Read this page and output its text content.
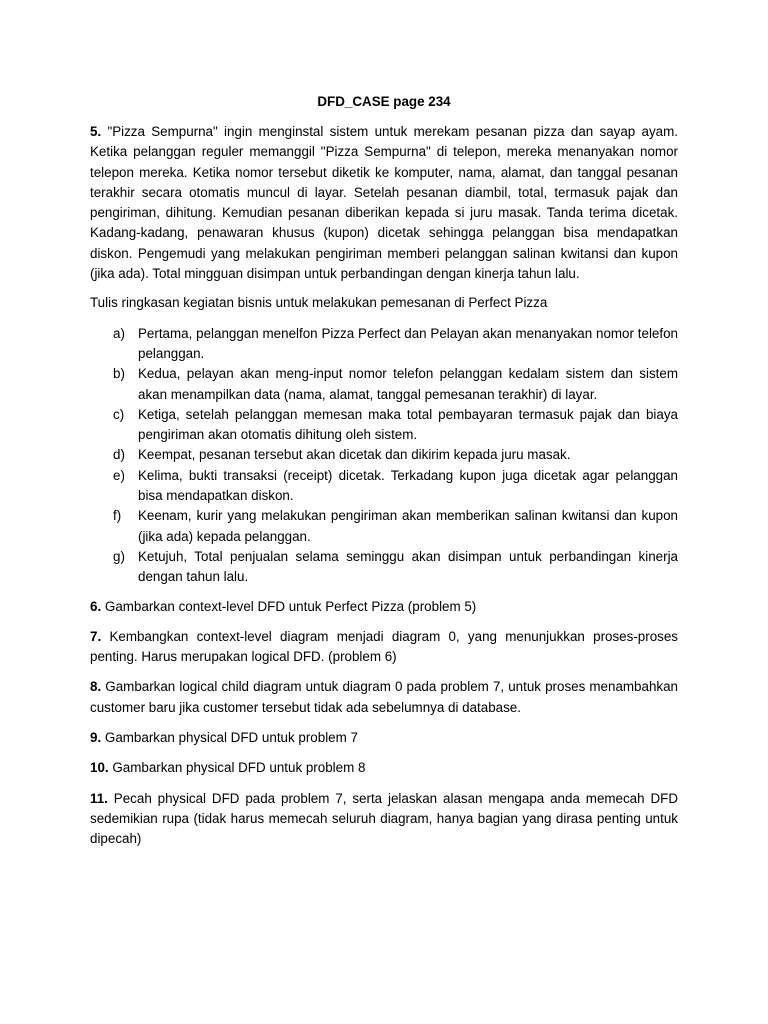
DFD_CASE page 234

5. "Pizza Sempurna" ingin menginstal sistem untuk merekam pesanan pizza dan sayap ayam. Ketika pelanggan reguler memanggil "Pizza Sempurna" di telepon, mereka menanyakan nomor telepon mereka. Ketika nomor tersebut diketik ke komputer, nama, alamat, dan tanggal pesanan terakhir secara otomatis muncul di layar. Setelah pesanan diambil, total, termasuk pajak dan pengiriman, dihitung. Kemudian pesanan diberikan kepada si juru masak. Tanda terima dicetak. Kadang-kadang, penawaran khusus (kupon) dicetak sehingga pelanggan bisa mendapatkan diskon. Pengemudi yang melakukan pengiriman memberi pelanggan salinan kwitansi dan kupon (jika ada). Total mingguan disimpan untuk perbandingan dengan kinerja tahun lalu.

Tulis ringkasan kegiatan bisnis untuk melakukan pemesanan di Perfect Pizza

a) Pertama, pelanggan menelfon Pizza Perfect dan Pelayan akan menanyakan nomor telefon pelanggan.
b) Kedua, pelayan akan meng-input nomor telefon pelanggan kedalam sistem dan sistem akan menampilkan data (nama, alamat, tanggal pemesanan terakhir) di layar.
c)	Ketiga, setelah pelanggan memesan maka total pembayaran termasuk pajak dan biaya pengiriman akan otomatis dihitung oleh sistem.
d) Keempat, pesanan tersebut akan dicetak dan dikirim kepada juru masak.
e) Kelima, bukti transaksi (receipt) dicetak. Terkadang kupon juga dicetak agar pelanggan bisa mendapatkan diskon.
f)	Keenam, kurir yang melakukan pengiriman akan memberikan salinan kwitansi dan kupon (jika ada) kepada pelanggan.
g) Ketujuh, Total penjualan selama seminggu akan disimpan untuk perbandingan kinerja dengan tahun lalu.

6. Gambarkan context-level DFD untuk Perfect Pizza (problem 5)

7. Kembangkan context-level diagram menjadi diagram 0, yang menunjukkan proses-proses penting. Harus merupakan logical DFD. (problem 6)

8. Gambarkan logical child diagram untuk diagram 0 pada problem 7, untuk proses menambahkan customer baru jika customer tersebut tidak ada sebelumnya di database.

9. Gambarkan physical DFD untuk problem 7

10. Gambarkan physical DFD untuk problem 8

11. Pecah physical DFD pada problem 7, serta jelaskan alasan mengapa anda memecah DFD sedemikian rupa (tidak harus memecah seluruh diagram, hanya bagian yang dirasa penting untuk dipecah)
